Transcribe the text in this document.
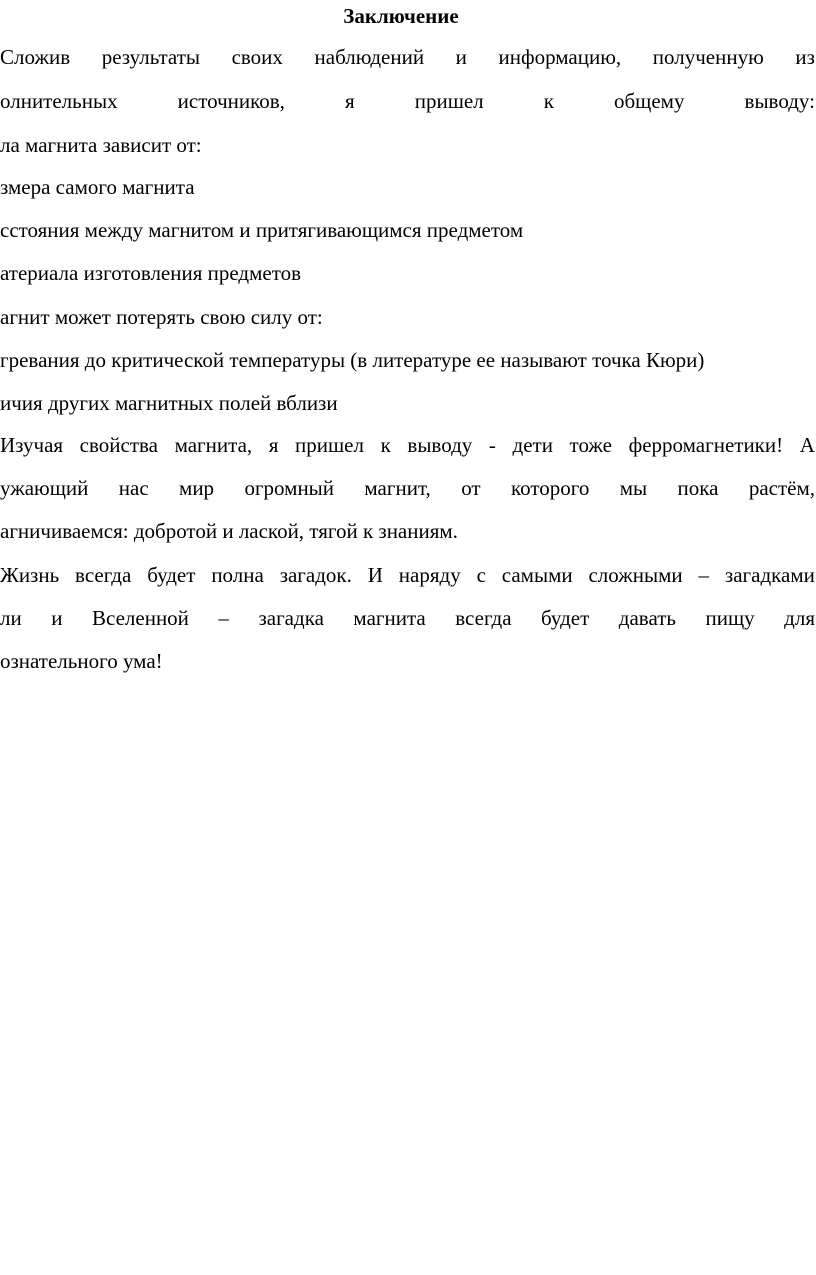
Заключение
Сложив результаты своих наблюдений и информацию, полученную из
олнительных	источников,	я	пришел	к	общему	выводу:
ла магнита зависит от:
змера самого магнита
сстояния между магнитом и притягивающимся предметом
атериала изготовления предметов
агнит может потерять свою силу от:
гревания до критической температуры (в литературе ее называют точка Кюри)
ичия других магнитных полей вблизи
Изучая свойства магнита, я пришел к выводу - дети тоже ферромагнетики! А
ужающий нас мир огромный магнит, от которого мы пока растём,
агничиваемся: добротой и лаской, тягой к знаниям.
Жизнь всегда будет полна загадок. И наряду с самыми сложными – загадками
ли и Вселенной – загадка магнита всегда будет давать пищу для
ознательного ума!
